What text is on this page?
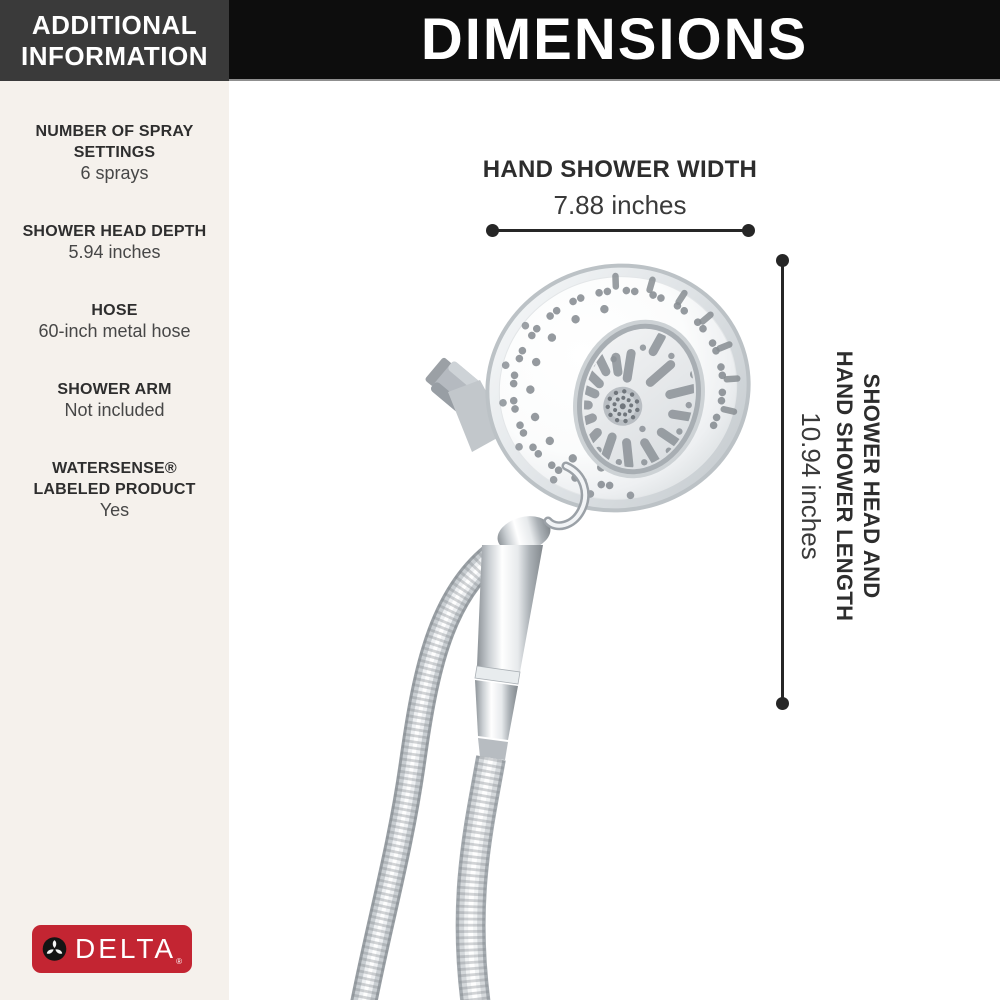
ADDITIONAL INFORMATION
NUMBER OF SPRAY SETTINGS
6 sprays
SHOWER HEAD DEPTH
5.94 inches
HOSE
60-inch metal hose
SHOWER ARM
Not included
WATERSENSE® LABELED PRODUCT
Yes
DELTA ®
DIMENSIONS
HAND SHOWER WIDTH
7.88 inches
SHOWER HEAD AND
HAND SHOWER LENGTH
10.94 inches
